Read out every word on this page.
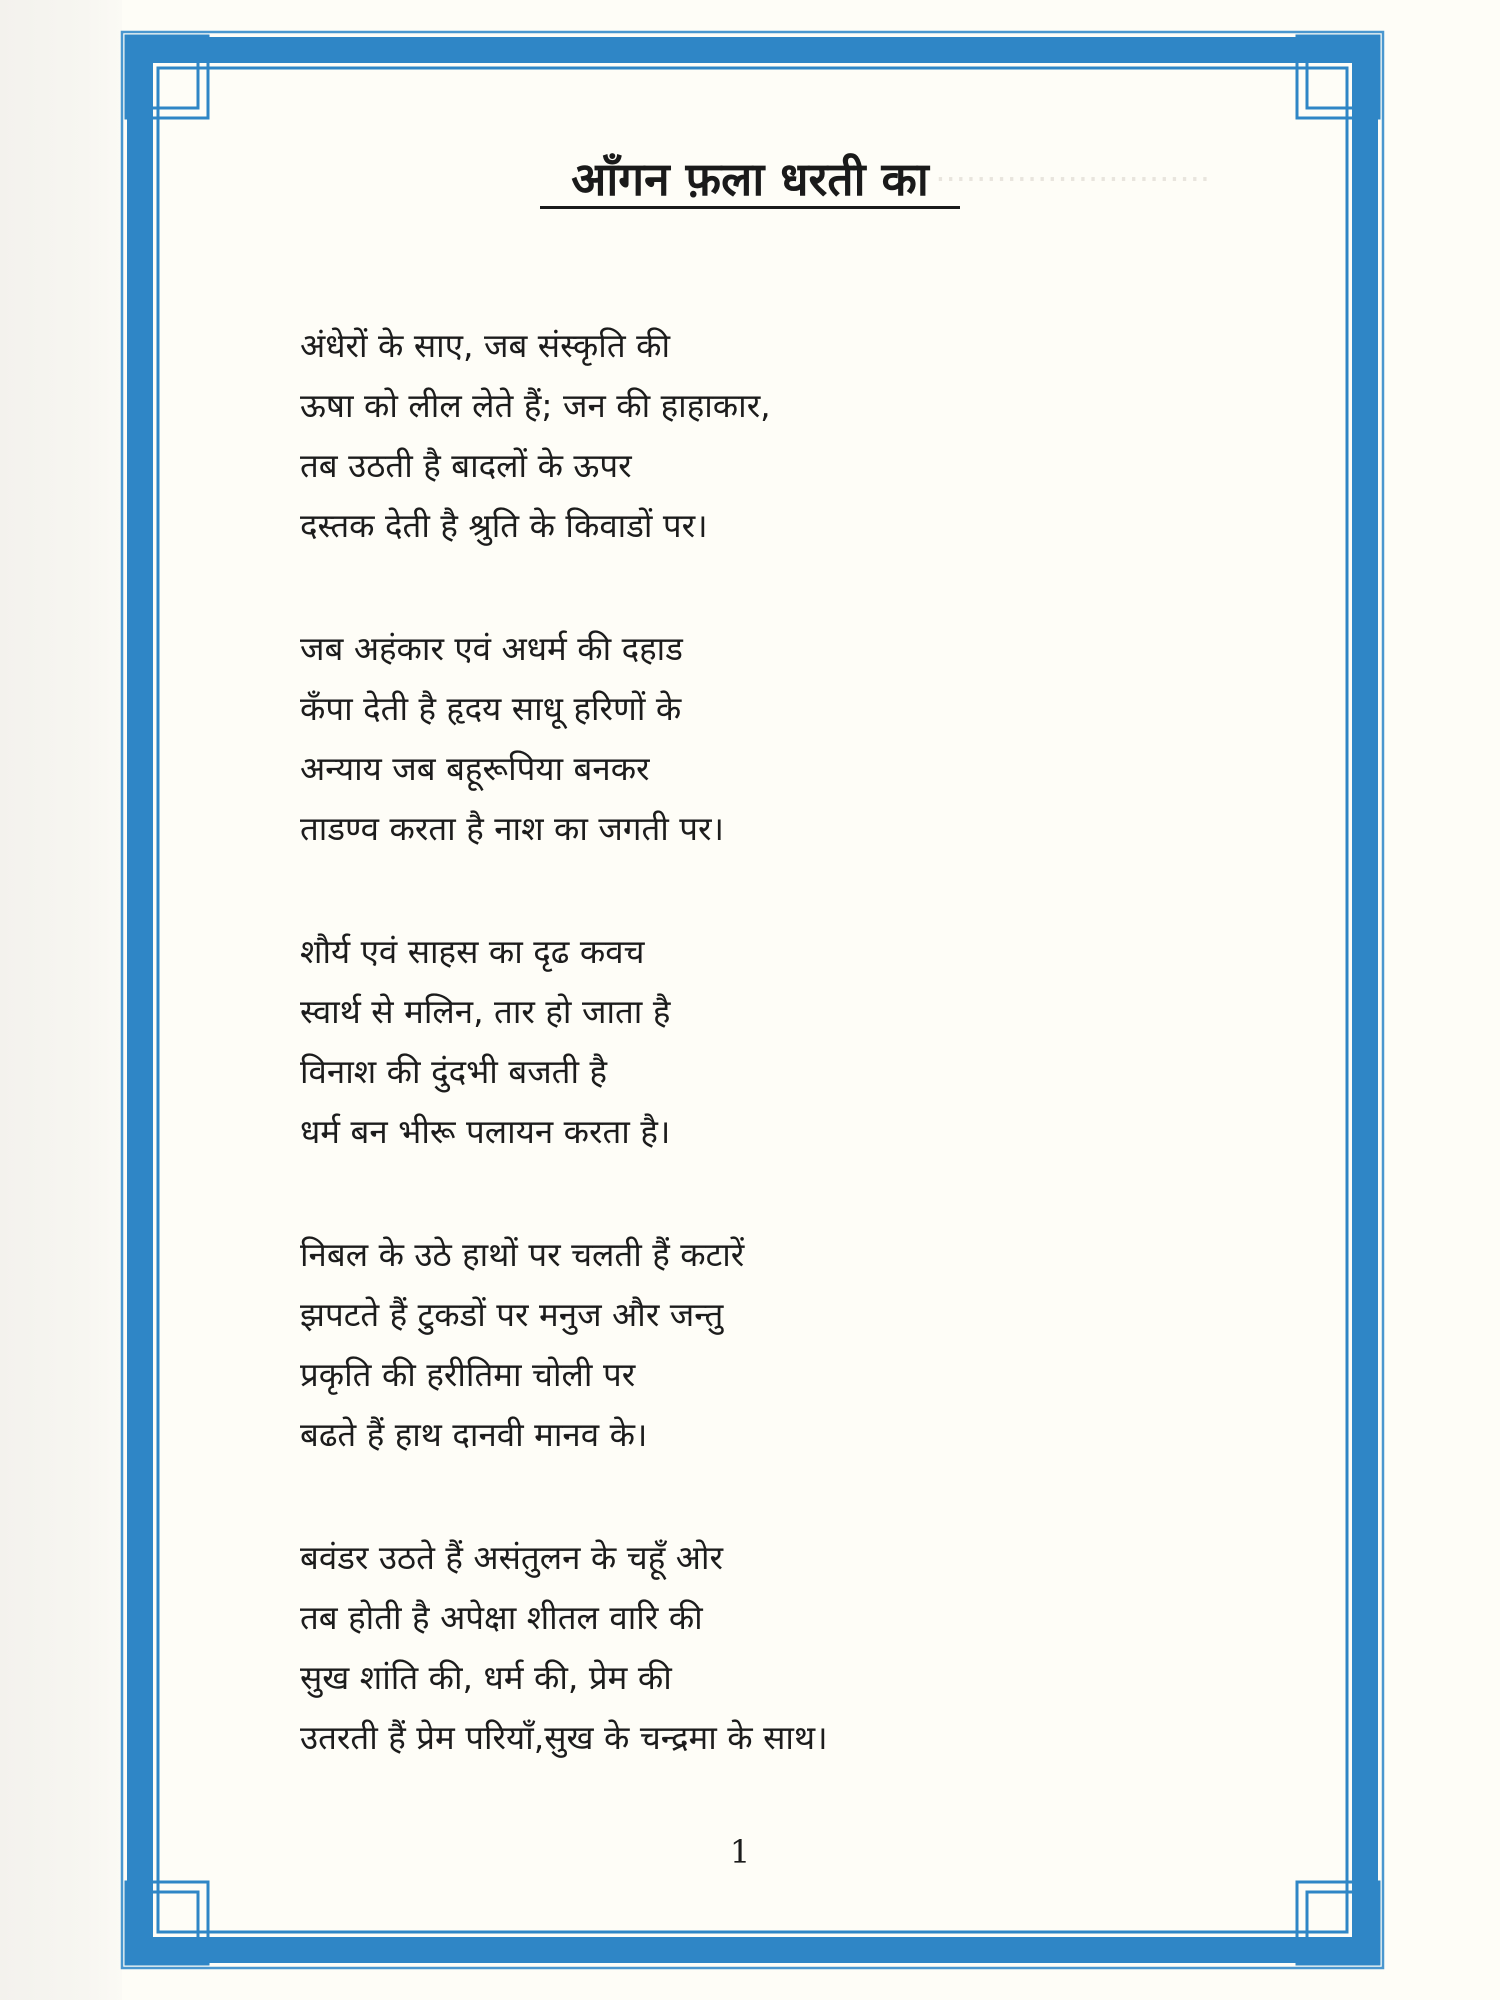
...........................
आँगन फ़ला धरती का
अंधेरों के साए, जब संस्कृति की
ऊषा को लील लेते हैं; जन की हाहाकार,
तब उठती है बादलों के ऊपर
दस्तक देती है श्रुति के किवाडों पर।
जब अहंकार एवं अधर्म की दहाड
कँपा देती है हृदय साधू हरिणों के
अन्याय जब बहूरूपिया बनकर
ताडण्व करता है नाश का जगती पर।
शौर्य एवं साहस का दृढ कवच
स्वार्थ से मलिन, तार हो जाता है
विनाश की दुंदभी बजती है
धर्म बन भीरू पलायन करता है।
निबल के उठे हाथों पर चलती हैं कटारें
झपटते हैं टुकडों पर मनुज और जन्तु
प्रकृति की हरीतिमा चोली पर
बढते हैं हाथ दानवी मानव के।
बवंडर उठते हैं असंतुलन के चहूँ ओर
तब होती है अपेक्षा शीतल वारि की
सुख शांति की, धर्म की, प्रेम की
उतरती हैं प्रेम परियाँ,सुख के चन्द्रमा के साथ।
1
